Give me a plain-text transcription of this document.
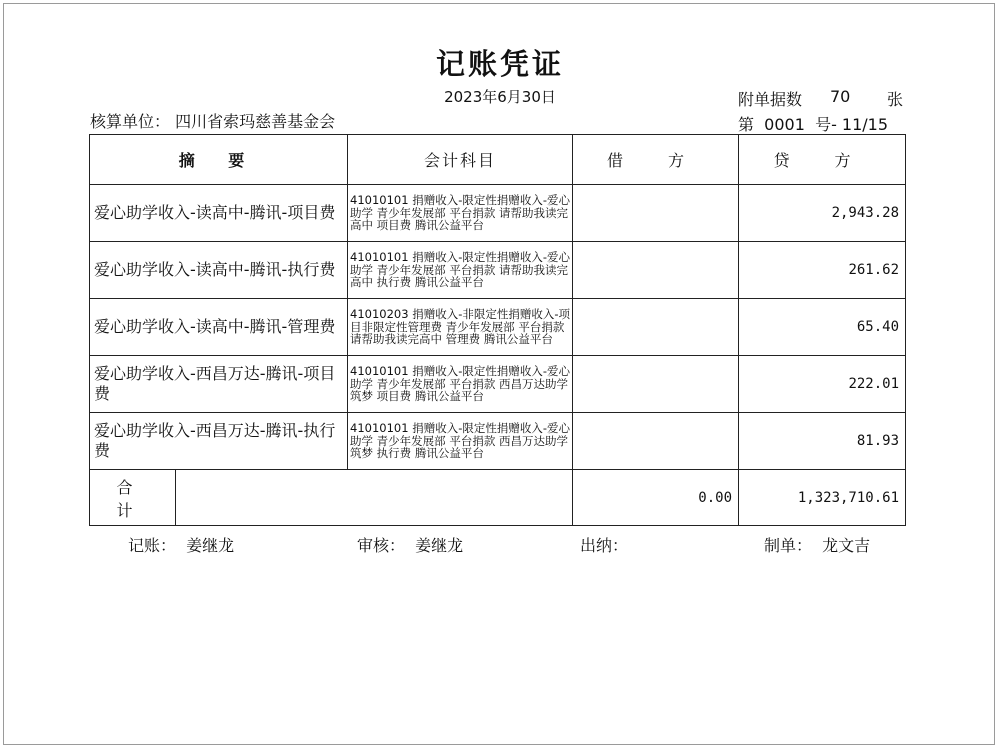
记账凭证
2023年6月30日	附单据数 70 张
核算单位： 四川省索玛慈善基金会	第  0001  号- 11/15
摘 要		会计科目	借 方	贷 方
爱心助学收入-读高中-腾讯-项目费		41010101 捐赠收入-限定性捐赠收入-爱心助学 青少年发展部 平台捐款 请帮助我读完高中 项目费 腾讯公益平台		2,943.28
爱心助学收入-读高中-腾讯-执行费		41010101 捐赠收入-限定性捐赠收入-爱心助学 青少年发展部 平台捐款 请帮助我读完高中 执行费 腾讯公益平台		261.62
爱心助学收入-读高中-腾讯-管理费		41010203 捐赠收入-非限定性捐赠收入-项目非限定性管理费 青少年发展部 平台捐款 请帮助我读完高中 管理费 腾讯公益平台		65.40
爱心助学收入-西昌万达-腾讯-项目费		41010101 捐赠收入-限定性捐赠收入-爱心助学 青少年发展部 平台捐款 西昌万达助学筑梦 项目费 腾讯公益平台		222.01
爱心助学收入-西昌万达-腾讯-执行费		41010101 捐赠收入-限定性捐赠收入-爱心助学 青少年发展部 平台捐款 西昌万达助学筑梦 执行费 腾讯公益平台		81.93
合 计			0.00	1,323,710.61
记账：  姜继龙	审核：  姜继龙	出纳：	制单：  龙文吉
